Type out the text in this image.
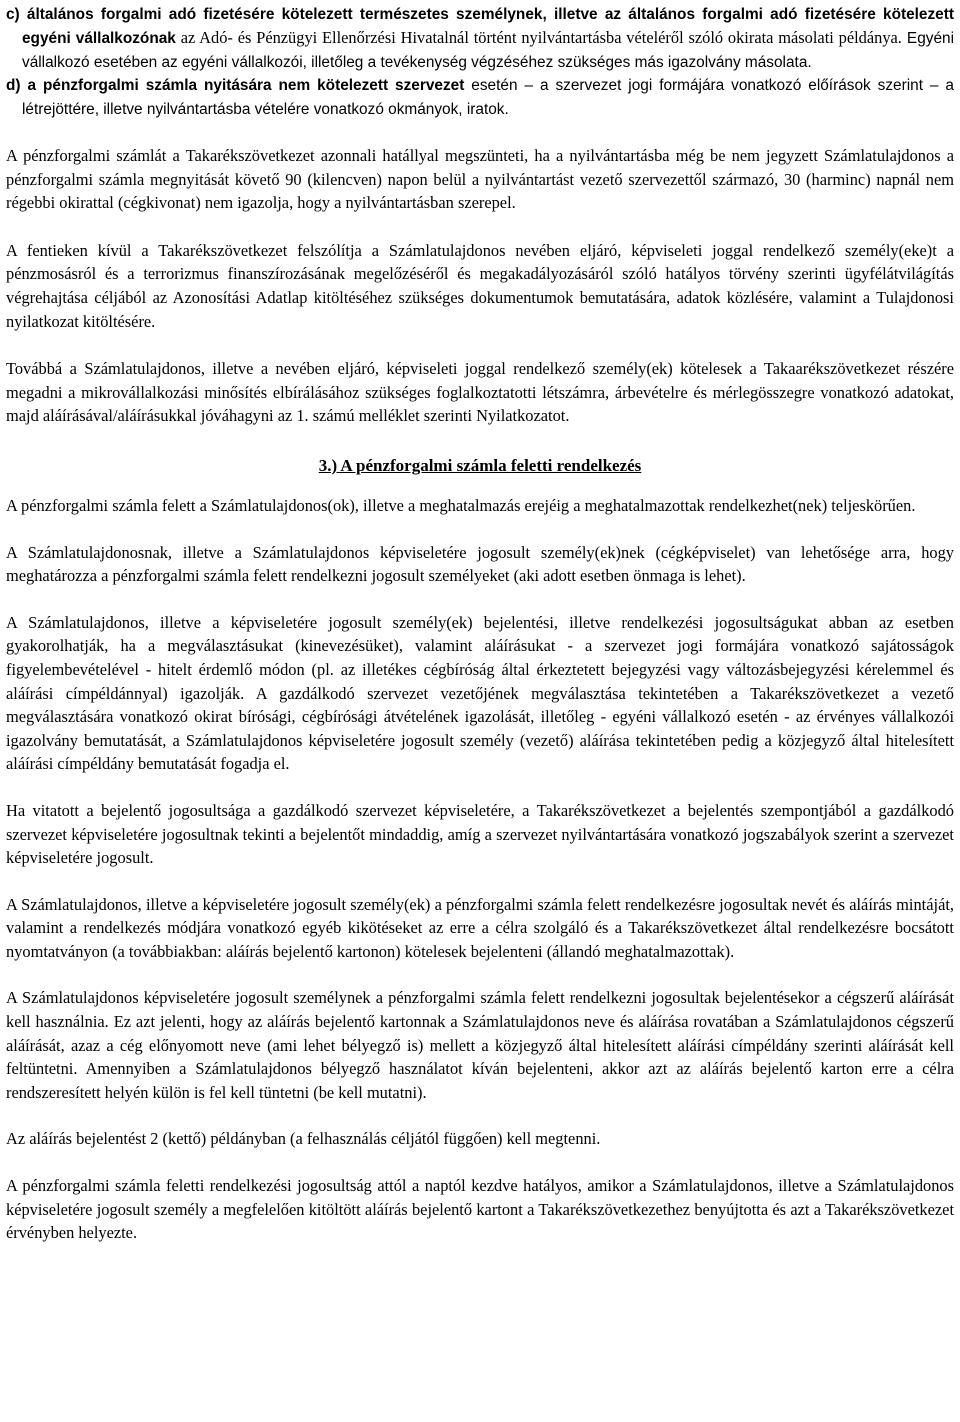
c) általános forgalmi adó fizetésére kötelezett természetes személynek, illetve az általános forgalmi adó fizetésére kötelezett egyéni vállalkozónak az Adó- és Pénzügyi Ellenőrzési Hivatalnál történt nyilvántartásba vételéről szóló okirata másolati példánya. Egyéni vállalkozó esetében az egyéni vállalkozói, illetőleg a tevékenység végzéséhez szükséges más igazolvány másolata.

d) a pénzforgalmi számla nyitására nem kötelezett szervezet esetén – a szervezet jogi formájára vonatkozó előírások szerint – a létrejöttére, illetve nyilvántartásba vételére vonatkozó okmányok, iratok.

A pénzforgalmi számlát a Takarékszövetkezet azonnali hatállyal megszünteti, ha a nyilvántartásba még be nem jegyzett Számlatulajdonos a pénzforgalmi számla megnyitását követő 90 (kilencven) napon belül a nyilvántartást vezető szervezettől származó, 30 (harminc) napnál nem régebbi okirattal (cégkivonat) nem igazolja, hogy a nyilvántartásban szerepel.

A fentieken kívül a Takarékszövetkezet felszólítja a Számlatulajdonos nevében eljáró, képviseleti joggal rendelkező személy(eke)t a pénzmosásról és a terrorizmus finanszírozásának megelőzéséről és megakadályozásáról szóló hatályos törvény szerinti ügyfélátvilágítás végrehajtása céljából az Azonosítási Adatlap kitöltéséhez szükséges dokumentumok bemutatására, adatok közlésére, valamint a Tulajdonosi nyilatkozat kitöltésére.

Továbbá a Számlatulajdonos, illetve a nevében eljáró, képviseleti joggal rendelkező személy(ek) kötelesek a Takaarékszövetkezet részére megadni a mikrovállalkozási minősítés elbírálásához szükséges foglalkoztatotti létszámra, árbevételre és mérlegösszegre vonatkozó adatokat, majd aláírásával/aláírásukkal jóváhagyni az 1. számú melléklet szerinti Nyilatkozatot.

3.) A pénzforgalmi számla feletti rendelkezés

A pénzforgalmi számla felett a Számlatulajdonos(ok), illetve a meghatalmazás erejéig a meghatalmazottak rendelkezhet(nek) teljeskörűen.

A Számlatulajdonosnak, illetve a Számlatulajdonos képviseletére jogosult személy(ek)nek (cégképviselet) van lehetősége arra, hogy meghatározza a pénzforgalmi számla felett rendelkezni jogosult személyeket (aki adott esetben önmaga is lehet).

A Számlatulajdonos, illetve a képviseletére jogosult személy(ek) bejelentési, illetve rendelkezési jogosultságukat abban az esetben gyakorolhatják, ha a megválasztásukat (kinevezésüket), valamint aláírásukat - a szervezet jogi formájára vonatkozó sajátosságok figyelembevételével - hitelt érdemlő módon (pl. az illetékes cégbíróság által érkeztetett bejegyzési vagy változásbejegyzési kérelemmel és aláírási címpéldánnyal) igazolják. A gazdálkodó szervezet vezetőjének megválasztása tekintetében a Takarékszövetkezet a vezető megválasztására vonatkozó okirat bírósági, cégbírósági átvételének igazolását, illetőleg - egyéni vállalkozó esetén - az érvényes vállalkozói igazolvány bemutatását, a Számlatulajdonos képviseletére jogosult személy (vezető) aláírása tekintetében pedig a közjegyző által hitelesített aláírási címpéldány bemutatását fogadja el.

Ha vitatott a bejelentő jogosultsága a gazdálkodó szervezet képviseletére, a Takarékszövetkezet a bejelentés szempontjából a gazdálkodó szervezet képviseletére jogosultnak tekinti a bejelentőt mindaddig, amíg a szervezet nyilvántartására vonatkozó jogszabályok szerint a szervezet képviseletére jogosult.

A Számlatulajdonos, illetve a képviseletére jogosult személy(ek) a pénzforgalmi számla felett rendelkezésre jogosultak nevét és aláírás mintáját, valamint a rendelkezés módjára vonatkozó egyéb kikötéseket az erre a célra szolgáló és a Takarékszövetkezet által rendelkezésre bocsátott nyomtatványon (a továbbiakban: aláírás bejelentő kartonon) kötelesek bejelenteni (állandó meghatalmazottak).

A Számlatulajdonos képviseletére jogosult személynek a pénzforgalmi számla felett rendelkezni jogosultak bejelentésekor a cégszerű aláírását kell használnia. Ez azt jelenti, hogy az aláírás bejelentő kartonnak a Számlatulajdonos neve és aláírása rovatában a Számlatulajdonos cégszerű aláírását, azaz a cég előnyomott neve (ami lehet bélyegző is) mellett a közjegyző által hitelesített aláírási címpéldány szerinti aláírását kell feltüntetni. Amennyiben a Számlatulajdonos bélyegző használatot kíván bejelenteni, akkor azt az aláírás bejelentő karton erre a célra rendszeresített helyén külön is fel kell tüntetni (be kell mutatni).

Az aláírás bejelentést 2 (kettő) példányban (a felhasználás céljától függően) kell megtenni.

A pénzforgalmi számla feletti rendelkezési jogosultság attól a naptól kezdve hatályos, amikor a Számlatulajdonos, illetve a Számlatulajdonos képviseletére jogosult személy a megfelelően kitöltött aláírás bejelentő kartont a Takarékszövetkezethez benyújtotta és azt a Takarékszövetkezet érvényben helyezte.
